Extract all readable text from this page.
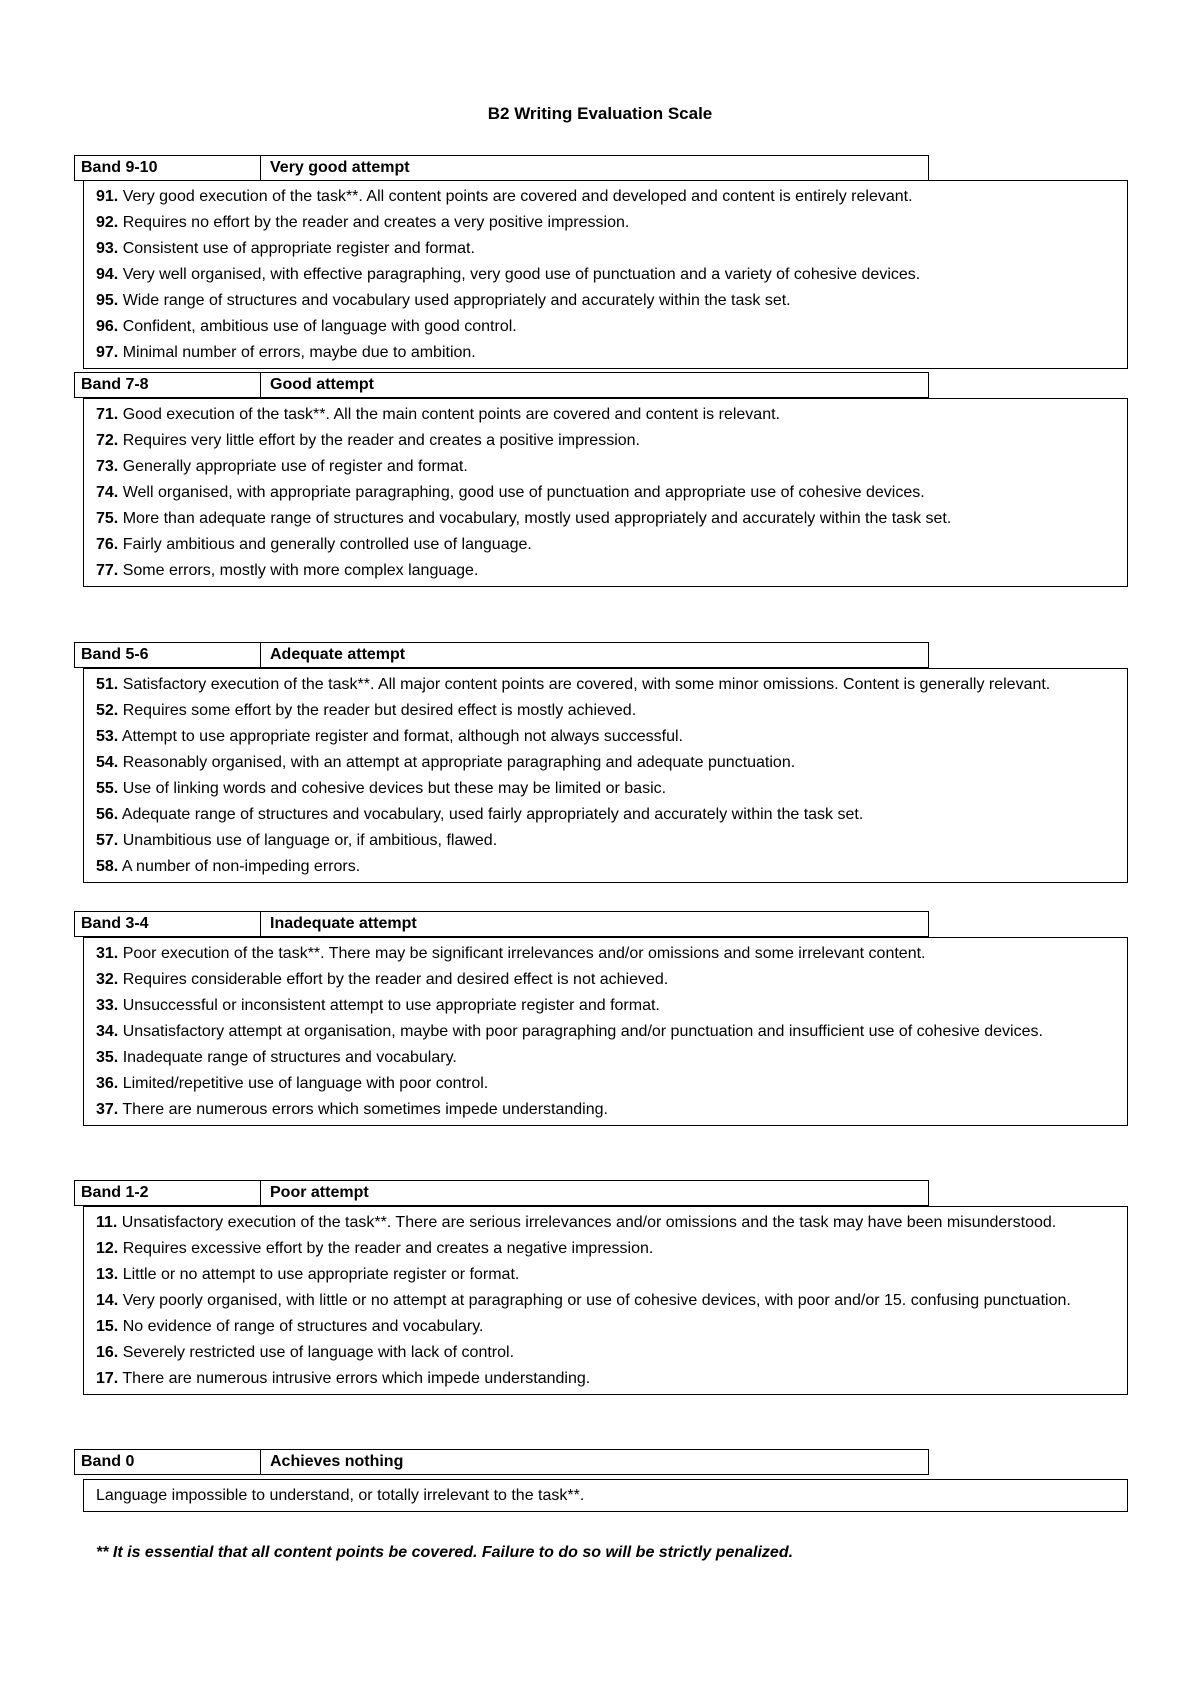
B2 Writing Evaluation Scale
Band 9-10	Very good attempt
91. Very good execution of the task**. All content points are covered and developed and content is entirely relevant.
92. Requires no effort by the reader and creates a very positive impression.
93. Consistent use of appropriate register and format.
94. Very well organised, with effective paragraphing, very good use of punctuation and a variety of cohesive devices.
95. Wide range of structures and vocabulary used appropriately and accurately within the task set.
96. Confident, ambitious use of language with good control.
97. Minimal number of errors, maybe due to ambition.
Band 7-8	Good attempt
71. Good execution of the task**. All the main content points are covered and content is relevant.
72. Requires very little effort by the reader and creates a positive impression.
73. Generally appropriate use of register and format.
74. Well organised, with appropriate paragraphing, good use of punctuation and appropriate use of cohesive devices.
75. More than adequate range of structures and vocabulary, mostly used appropriately and accurately within the task set.
76. Fairly ambitious and generally controlled use of language.
77. Some errors, mostly with more complex language.
Band 5-6	Adequate attempt
51. Satisfactory execution of the task**. All major content points are covered, with some minor omissions. Content is generally relevant.
52. Requires some effort by the reader but desired effect is mostly achieved.
53. Attempt to use appropriate register and format, although not always successful.
54. Reasonably organised, with an attempt at appropriate paragraphing and adequate punctuation.
55. Use of linking words and cohesive devices but these may be limited or basic.
56. Adequate range of structures and vocabulary, used fairly appropriately and accurately within the task set.
57. Unambitious use of language or, if ambitious, flawed.
58. A number of non-impeding errors.
Band 3-4	Inadequate attempt
31. Poor execution of the task**. There may be significant irrelevances and/or omissions and some irrelevant content.
32. Requires considerable effort by the reader and desired effect is not achieved.
33. Unsuccessful or inconsistent attempt to use appropriate register and format.
34. Unsatisfactory attempt at organisation, maybe with poor paragraphing and/or punctuation and insufficient use of cohesive devices.
35. Inadequate range of structures and vocabulary.
36. Limited/repetitive use of language with poor control.
37. There are numerous errors which sometimes impede understanding.
Band 1-2	Poor attempt
11. Unsatisfactory execution of the task**. There are serious irrelevances and/or omissions and the task may have been misunderstood.
12. Requires excessive effort by the reader and creates a negative impression.
13. Little or no attempt to use appropriate register or format.
14. Very poorly organised, with little or no attempt at paragraphing or use of cohesive devices, with poor and/or 15. confusing punctuation.
15. No evidence of range of structures and vocabulary.
16. Severely restricted use of language with lack of control.
17. There are numerous intrusive errors which impede understanding.
Band 0	Achieves nothing
Language impossible to understand, or totally irrelevant to the task**.
** It is essential that all content points be covered. Failure to do so will be strictly penalized.
